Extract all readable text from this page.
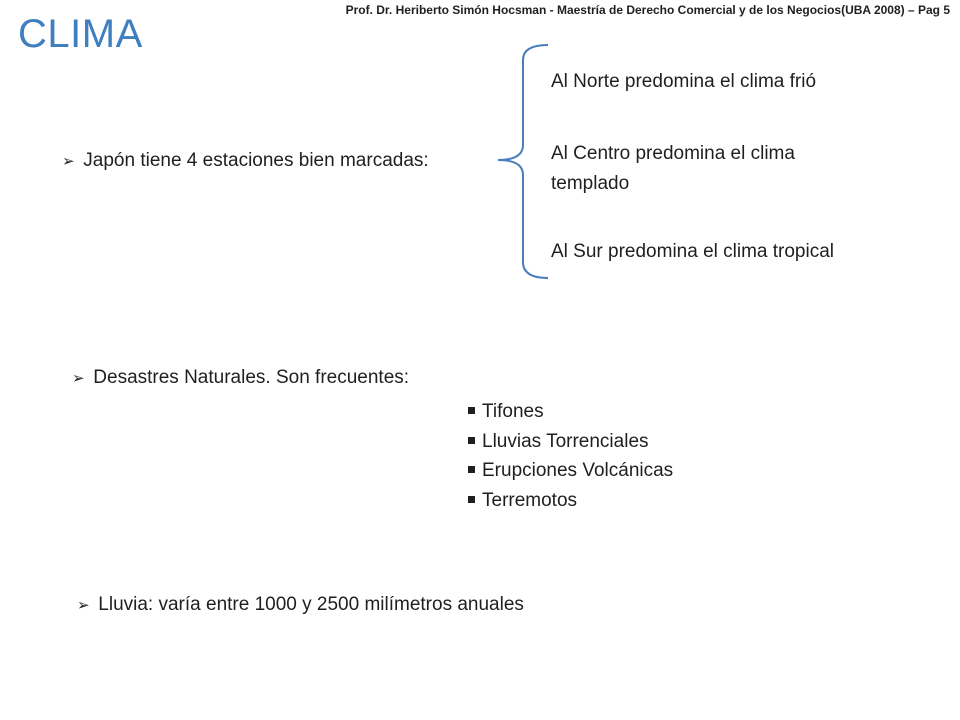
Prof. Dr. Heriberto Simón Hocsman - Maestría de Derecho Comercial y de los Negocios(UBA 2008) – Pag 5
CLIMA
➢ Japón tiene 4 estaciones bien marcadas:
Al Norte predomina el clima frió
Al Centro predomina el clima templado
Al Sur predomina el clima tropical
➢ Desastres Naturales. Son frecuentes:
Tifones
Lluvias Torrenciales
Erupciones Volcánicas
Terremotos
➢ Lluvia: varía entre 1000 y 2500 milímetros anuales
